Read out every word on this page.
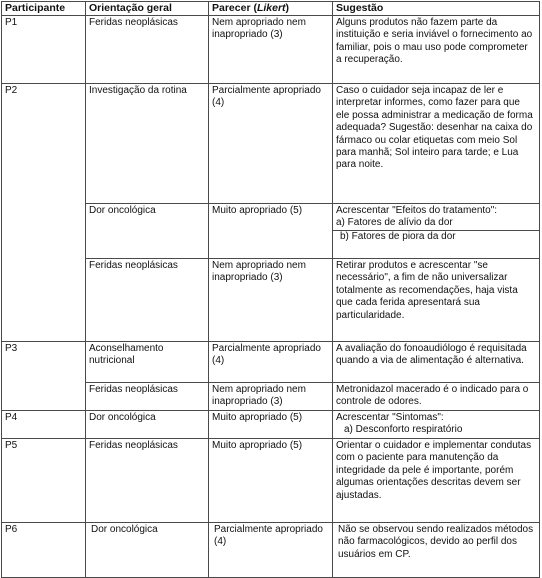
Participante	Orientação geral	Parecer (Likert)	Sugestão
P1	Feridas neoplásicas	Nem apropriado nem inapropriado (3)	Alguns produtos não fazem parte da instituição e seria inviável o fornecimento ao familiar, pois o mau uso pode comprometer a recuperação.
P2	Investigação da rotina	Parcialmente apropriado (4)	Caso o cuidador seja incapaz de ler e interpretar informes, como fazer para que ele possa administrar a medicação de forma adequada? Sugestão: desenhar na caixa do fármaco ou colar etiquetas com meio Sol para manhã; Sol inteiro para tarde; e Lua para noite.
	Dor oncológica	Muito apropriado (5)	Acrescentar "Efeitos do tratamento":
a) Fatores de alívio da dor
b) Fatores de piora da dor

	Feridas neoplásicas	Nem apropriado nem inapropriado (3)	Retirar produtos e acrescentar "se necessário", a fim de não universalizar totalmente as recomendações, haja vista que cada ferida apresentará sua particularidade.
P3	Aconselhamento nutricional	Parcialmente apropriado (4)	A avaliação do fonoaudiólogo é requisitada quando a via de alimentação é alternativa.
	Feridas neoplásicas	Nem apropriado nem inapropriado (3)	Metronidazol macerado é o indicado para o controle de odores.
P4	Dor oncológica	Muito apropriado (5)	Acrescentar "Sintomas":
a) Desconforto respiratório

P5	Feridas neoplásicas	Muito apropriado (5)	Orientar o cuidador e implementar condutas com o paciente para manutenção da integridade da pele é importante, porém algumas orientações descritas devem ser ajustadas.
P6	Dor oncológica	Parcialmente apropriado (4)	Não se observou sendo realizados métodos não farmacológicos, devido ao perfil dos usuários em CP.
